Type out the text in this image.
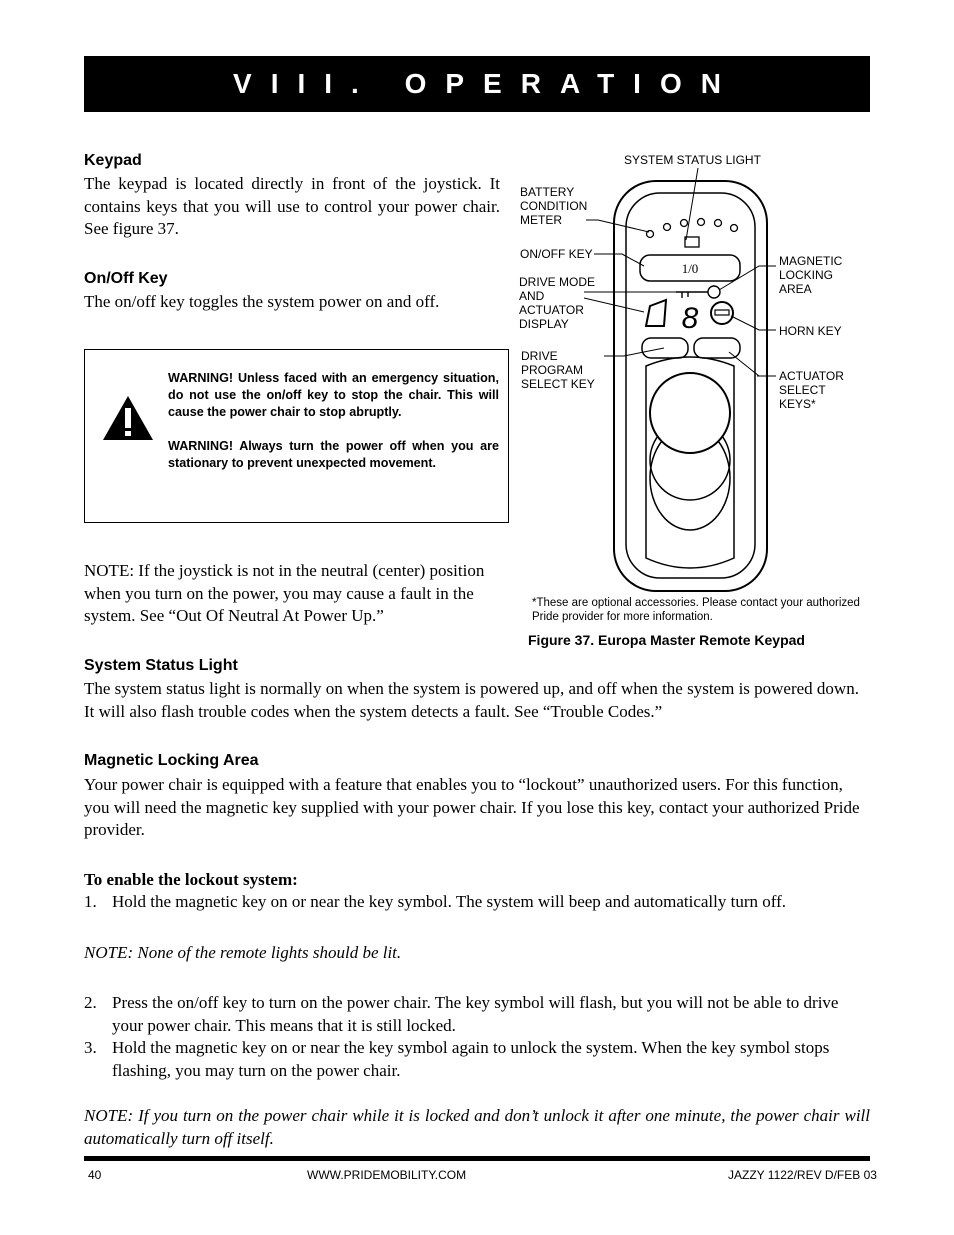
VIII. OPERATION
Keypad

The keypad is located directly in front of the joystick. It contains keys that you will use to control your power chair. See figure 37.

On/Off Key

The on/off key toggles the system power on and off.

WARNING! Unless faced with an emergency situation, do not use the on/off key to stop the chair. This will cause the power chair to stop abruptly.

WARNING! Always turn the power off when you are stationary to prevent unexpected movement.

NOTE: If the joystick is not in the neutral (center) position when you turn on the power, you may cause a fault in the system. See “Out Of Neutral At Power Up.”

1/0
8

SYSTEM STATUS LIGHT

BATTERY
CONDITION
METER

ON/OFF KEY

DRIVE MODE
AND
ACTUATOR
DISPLAY

DRIVE
PROGRAM
SELECT KEY

MAGNETIC
LOCKING
AREA

HORN KEY

ACTUATOR
SELECT
KEYS*

*These are optional accessories. Please contact your authorized Pride provider for more information.

Figure 37. Europa Master Remote Keypad

System Status Light

The system status light is normally on when the system is powered up, and off when the system is powered down. It will also flash trouble codes when the system detects a fault. See “Trouble Codes.”

Magnetic Locking Area

Your power chair is equipped with a feature that enables you to “lockout” unauthorized users. For this function, you will need the magnetic key supplied with your power chair. If you lose this key, contact your authorized Pride provider.

To enable the lockout system:

1. Hold the magnetic key on or near the key symbol. The system will beep and automatically turn off.

NOTE: None of the remote lights should be lit.

2. Press the on/off key to turn on the power chair. The key symbol will flash, but you will not be able to drive your power chair. This means that it is still locked.
3. Hold the magnetic key on or near the key symbol again to unlock the system. When the key symbol stops flashing, you may turn on the power chair.

NOTE: If you turn on the power chair while it is locked and don’t unlock it after one minute, the power chair will automatically turn off itself.

40	WWW.PRIDEMOBILITY.COM	JAZZY 1122/REV D/FEB 03
